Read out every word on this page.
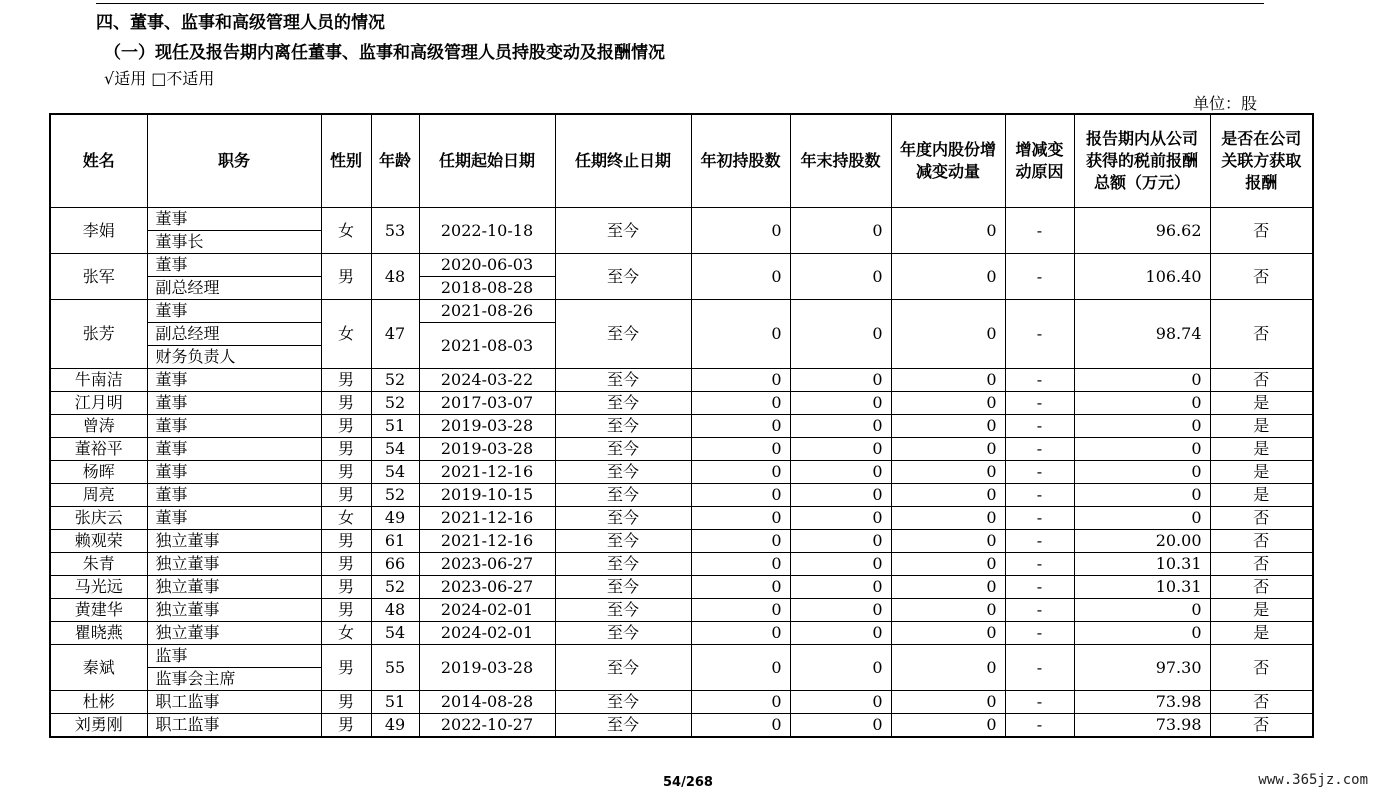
四、董事、监事和高级管理人员的情况
（一）现任及报告期内离任董事、监事和高级管理人员持股变动及报酬情况
√适用 □不适用
单位：股
姓名	职务	性别	年龄	任期起始日期	任期终止日期	年初持股数	年末持股数	年度内股份增减变动量	增减变动原因	报告期内从公司获得的税前报酬总额（万元）	是否在公司关联方获取报酬
李娟	董事	女	53	2022-10-18	至今	0	0	0	-	96.62	否
	董事长										
张军	董事	男	48	2020-06-03	至今	0	0	0	-	106.40	否
	副总经理			2018-08-28							
张芳	董事	女	47	2021-08-26	至今	0	0	0	-	98.74	否
	副总经理			2021-08-03							
	财务负责人										
牛南洁	董事	男	52	2024-03-22	至今	0	0	0	-	0	否
江月明	董事	男	52	2017-03-07	至今	0	0	0	-	0	是
曾涛	董事	男	51	2019-03-28	至今	0	0	0	-	0	是
董裕平	董事	男	54	2019-03-28	至今	0	0	0	-	0	是
杨晖	董事	男	54	2021-12-16	至今	0	0	0	-	0	是
周亮	董事	男	52	2019-10-15	至今	0	0	0	-	0	是
张庆云	董事	女	49	2021-12-16	至今	0	0	0	-	0	否
赖观荣	独立董事	男	61	2021-12-16	至今	0	0	0	-	20.00	否
朱青	独立董事	男	66	2023-06-27	至今	0	0	0	-	10.31	否
马光远	独立董事	男	52	2023-06-27	至今	0	0	0	-	10.31	否
黄建华	独立董事	男	48	2024-02-01	至今	0	0	0	-	0	是
瞿晓燕	独立董事	女	54	2024-02-01	至今	0	0	0	-	0	是
秦斌	监事	男	55	2019-03-28	至今	0	0	0	-	97.30	否
	监事会主席										
杜彬	职工监事	男	51	2014-08-28	至今	0	0	0	-	73.98	否
刘勇刚	职工监事	男	49	2022-10-27	至今	0	0	0	-	73.98	否
54/268	www.365jz.com
